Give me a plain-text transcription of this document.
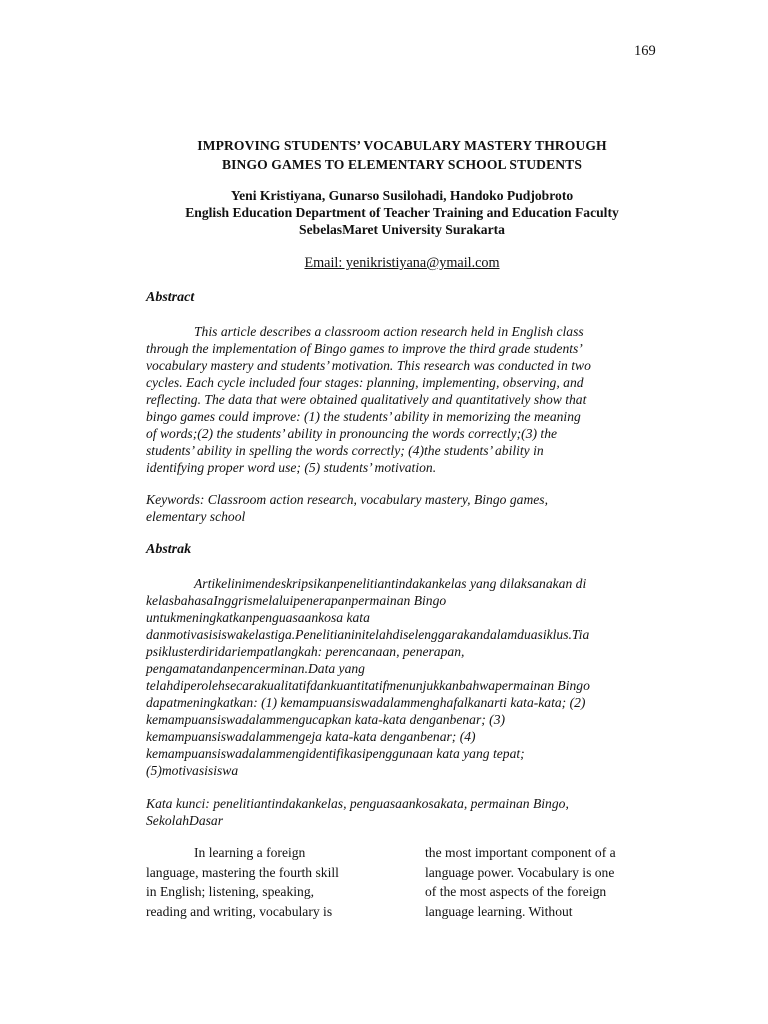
169
IMPROVING STUDENTS’ VOCABULARY MASTERY THROUGH
BINGO GAMES TO ELEMENTARY SCHOOL STUDENTS
Yeni Kristiyana, Gunarso Susilohadi, Handoko Pudjobroto
English Education Department of Teacher Training and Education Faculty
SebelasMaret University Surakarta
Email: yenikristiyana@ymail.com
Abstract
This article describes a classroom action research held in English class
through the implementation of Bingo games to improve the third grade students’
vocabulary mastery and students’ motivation. This research was conducted in two
cycles. Each cycle included four stages: planning, implementing, observing, and
reflecting. The data that were obtained qualitatively and quantitatively show that
bingo games could improve: (1) the students’ ability in memorizing the meaning
of words;(2) the students’ ability in pronouncing the words correctly;(3) the
students’ ability in spelling the words correctly; (4)the students’ ability in
identifying proper word use; (5) students’ motivation.
Keywords: Classroom action research, vocabulary mastery, Bingo games,
elementary school
Abstrak
Artikelinimendeskripsikanpenelitiantindakankelas yang dilaksanakan di
kelasbahasaInggrismelaluipenerapanpermainan Bingo
untukmeningkatkanpenguasaankosa kata
danmotivasisiswakelastiga.Penelitianinitelahdiselenggarakandalamduasiklus.Tia
psiklusterdiridariempatlangkah: perencanaan, penerapan,
pengamatandanpencerminan.Data yang
telahdiperolehsecarakualitatifdankuantitatifmenunjukkanbahwapermainan Bingo
dapatmeningkatkan: (1) kemampuansiswadalammenghafalkanarti kata-kata; (2)
kemampuansiswadalammengucapkan kata-kata denganbenar; (3)
kemampuansiswadalammengeja kata-kata denganbenar; (4)
kemampuansiswadalammengidentifikasipenggunaan kata yang tepat;
(5)motivasisiswa
Kata kunci: penelitiantindakankelas, penguasaankosakata, permainan Bingo,
SekolahDasar
In learning a foreign
language, mastering the fourth skill
in English; listening, speaking,
reading and writing, vocabulary is
the most important component of a
language power. Vocabulary is one
of the most aspects of the foreign
language learning. Without
